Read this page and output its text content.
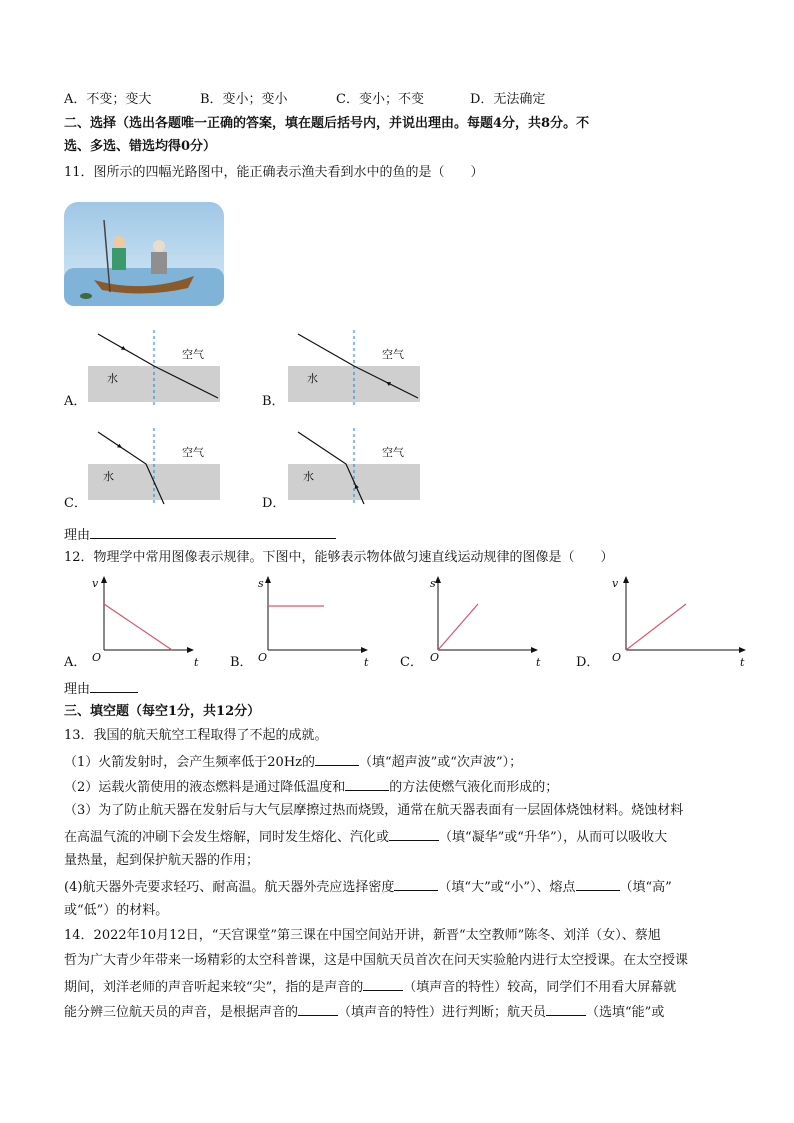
A．不变；变大	B．变小；变小	C．变小；不变	D．无法确定
二、选择（选出各题唯一正确的答案，填在题后括号内，并说出理由。每题4分，共8分。不
选、多选、错选均得0分）
11．图所示的四幅光路图中，能正确表示渔夫看到水中的鱼的是（　　）
A．	B．
C．	D．
水
空气
水
空气
水
空气
水
空气
理由
12．物理学中常用图像表示规律。下图中，能够表示物体做匀速直线运动规律的图像是（　　）
A．	B．	C．	D．
v
t
O
s
t
O
s
t
O
v
t
O
理由
三、填空题（每空1分，共12分）
13．我国的航天航空工程取得了不起的成就。
（1）火箭发射时，会产生频率低于20Hz的	（填“超声波”或“次声波”）；
（2）运载火箭使用的液态燃料是通过降低温度和	的方法使燃气液化而形成的；
（3）为了防止航天器在发射后与大气层摩擦过热而烧毁，通常在航天器表面有一层固体烧蚀材料。烧蚀材料
在高温气流的冲刷下会发生熔解，同时发生熔化、汽化或	（填“凝华”或“升华”），从而可以吸收大
量热量，起到保护航天器的作用；
(4)航天器外壳要求轻巧、耐高温。航天器外壳应选择密度	（填“大”或“小”）、熔点	（填“高”
或“低”）的材料。
14．2022年10月12日，“天宫课堂”第三课在中国空间站开讲，新晋“太空教师”陈冬、刘洋（女）、蔡旭
哲为广大青少年带来一场精彩的太空科普课，这是中国航天员首次在问天实验舱内进行太空授课。在太空授课
期间，刘洋老师的声音听起来较“尖”，指的是声音的	（填声音的特性）较高，同学们不用看大屏幕就
能分辨三位航天员的声音，是根据声音的	（填声音的特性）进行判断；航天员	（选填“能”或
